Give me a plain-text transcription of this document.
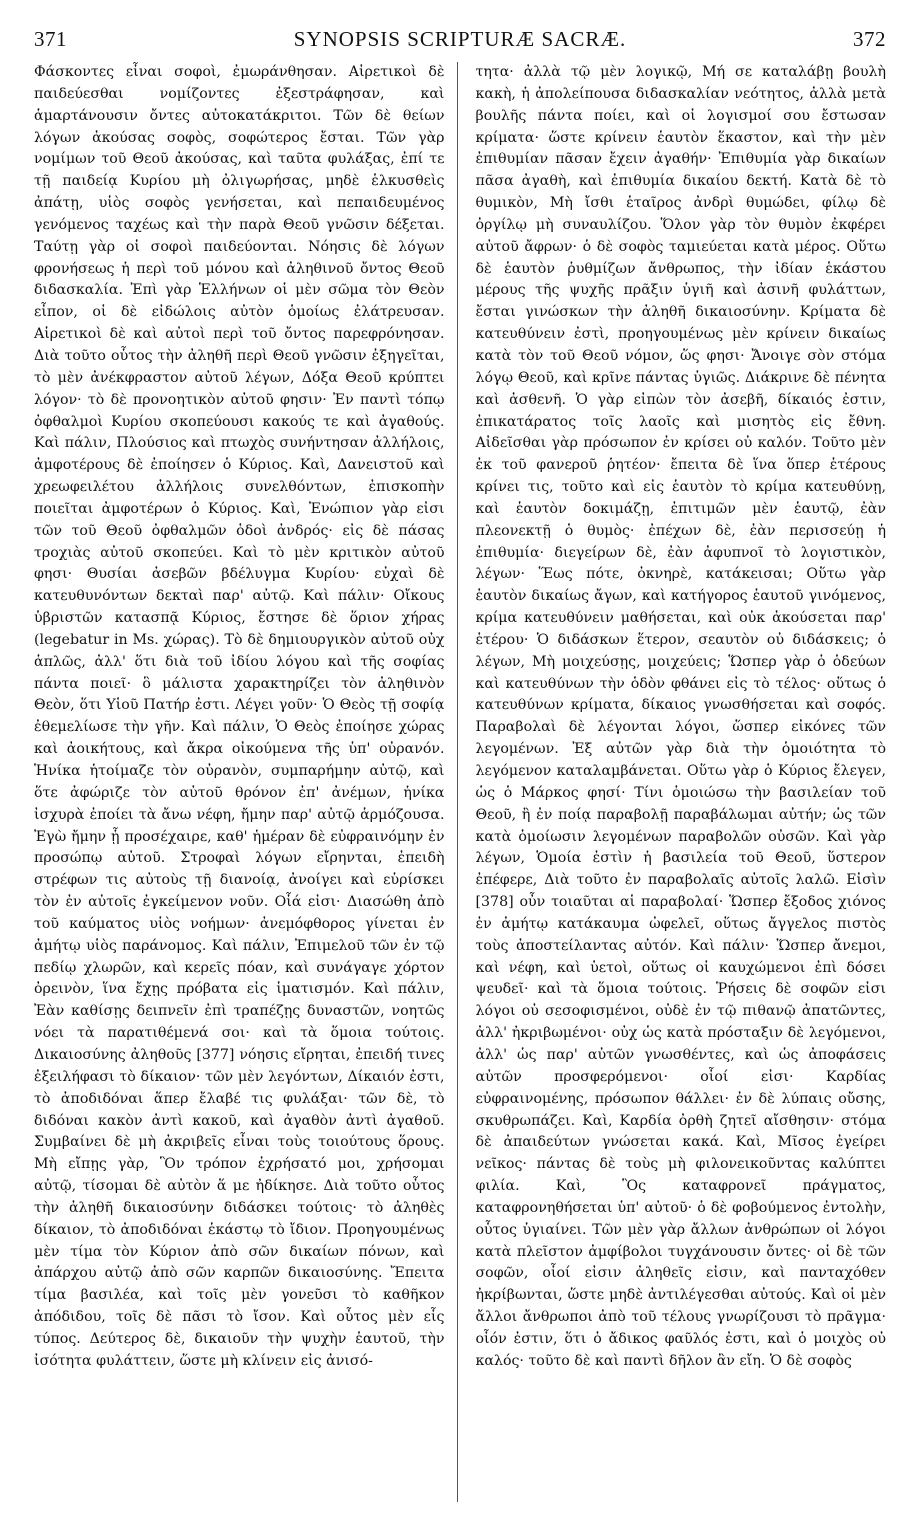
371	SYNOPSIS SCRIPTURÆ SACRÆ.	372

Φάσκοντες εἶναι σοφοὶ, ἐμωράνθησαν. Αἱρετικοὶ δὲ παιδεύεσθαι νομίζοντες ἐξεστράφησαν, καὶ ἁμαρτάνουσιν ὄντες αὐτοκατάκριτοι. Τῶν δὲ θείων λόγων ἀκούσας σοφὸς, σοφώτερος ἔσται. Τῶν γὰρ νομίμων τοῦ Θεοῦ ἀκούσας, καὶ ταῦτα φυλάξας, ἐπί τε τῇ παιδείᾳ Κυρίου μὴ ὀλιγωρήσας, μηδὲ ἑλκυσθεὶς ἀπάτῃ, υἱὸς σοφὸς γενήσεται, καὶ πεπαιδευμένος γενόμενος ταχέως καὶ τὴν παρὰ Θεοῦ γνῶσιν δέξεται. Ταύτῃ γὰρ οἱ σοφοὶ παιδεύονται. Νόησις δὲ λόγων φρονήσεως ἡ περὶ τοῦ μόνου καὶ ἀληθινοῦ ὄντος Θεοῦ διδασκαλία. Ἐπὶ γὰρ Ἑλλήνων οἱ μὲν σῶμα τὸν Θεὸν εἶπον, οἱ δὲ εἰδώλοις αὐτὸν ὁμοίως ἐλάτρευσαν. Αἱρετικοὶ δὲ καὶ αὐτοὶ περὶ τοῦ ὄντος παρεφρόνησαν. Διὰ τοῦτο οὗτος τὴν ἀληθῆ περὶ Θεοῦ γνῶσιν ἐξηγεῖται, τὸ μὲν ἀνέκφραστον αὐτοῦ λέγων, Δόξα Θεοῦ κρύπτει λόγον· τὸ δὲ προνοητικὸν αὐτοῦ φησιν· Ἐν παντὶ τόπῳ ὀφθαλμοὶ Κυρίου σκοπεύουσι κακούς τε καὶ ἀγαθούς. Καὶ πάλιν, Πλούσιος καὶ πτωχὸς συνήντησαν ἀλλήλοις, ἀμφοτέρους δὲ ἐποίησεν ὁ Κύριος. Καὶ, Δανειστοῦ καὶ χρεωφειλέτου ἀλλήλοις συνελθόντων, ἐπισκοπὴν ποιεῖται ἀμφοτέρων ὁ Κύριος. Καὶ, Ἐνώπιον γὰρ εἰσι τῶν τοῦ Θεοῦ ὀφθαλμῶν ὁδοὶ ἀνδρός· εἰς δὲ πάσας τροχιὰς αὐτοῦ σκοπεύει. Καὶ τὸ μὲν κριτικὸν αὐτοῦ φησι· Θυσίαι ἀσεβῶν βδέλυγμα Κυρίου· εὐχαὶ δὲ κατευθυνόντων δεκταὶ παρ' αὐτῷ. Καὶ πάλιν· Οἴκους ὑβριστῶν κατασπᾷ Κύριος, ἔστησε δὲ ὅριον χήρας (legebatur in Ms. χώρας). Τὸ δὲ δημιουργικὸν αὐτοῦ οὐχ ἁπλῶς, ἀλλ' ὅτι διὰ τοῦ ἰδίου λόγου καὶ τῆς σοφίας πάντα ποιεῖ· ὃ μάλιστα χαρακτηρίζει τὸν ἀληθινὸν Θεὸν, ὅτι Υἱοῦ Πατήρ ἐστι. Λέγει γοῦν· Ὁ Θεὸς τῇ σοφίᾳ ἐθεμελίωσε τὴν γῆν. Καὶ πάλιν, Ὁ Θεὸς ἐποίησε χώρας καὶ ἀοικήτους, καὶ ἄκρα οἰκούμενα τῆς ὑπ' οὐρανόν. Ἡνίκα ἡτοίμαζε τὸν οὐρανὸν, συμπαρήμην αὐτῷ, καὶ ὅτε ἀφώριζε τὸν αὐτοῦ θρόνον ἐπ' ἀνέμων, ἡνίκα ἰσχυρὰ ἐποίει τὰ ἄνω νέφη, ἤμην παρ' αὐτῷ ἁρμόζουσα. Ἐγὼ ἤμην ᾗ προσέχαιρε, καθ' ἡμέραν δὲ εὐφραινόμην ἐν προσώπῳ αὐτοῦ. Στροφαὶ λόγων εἴρηνται, ἐπειδὴ στρέφων τις αὐτοὺς τῇ διανοίᾳ, ἀνοίγει καὶ εὑρίσκει τὸν ἐν αὐτοῖς ἐγκείμενον νοῦν. Οἷά εἰσι· Διασώθη ἀπὸ τοῦ καύματος υἱὸς νοήμων· ἀνεμόφθορος γίνεται ἐν ἀμήτῳ υἱὸς παράνομος. Καὶ πάλιν, Ἐπιμελοῦ τῶν ἐν τῷ πεδίῳ χλωρῶν, καὶ κερεῖς πόαν, καὶ συνάγαγε χόρτον ὀρεινὸν, ἵνα ἔχῃς πρόβατα εἰς ἱματισμόν. Καὶ πάλιν, Ἐὰν καθίσῃς δειπνεῖν ἐπὶ τραπέζῃς δυναστῶν, νοητῶς νόει τὰ παρατιθέμενά σοι· καὶ τὰ ὅμοια τούτοις. Δικαιοσύνης ἀληθοῦς [377] νόησις εἴρηται, ἐπειδή τινες ἐξειλήφασι τὸ δίκαιον· τῶν μὲν λεγόντων, Δίκαιόν ἐστι, τὸ ἀποδιδόναι ἅπερ ἔλαβέ τις φυλάξαι· τῶν δὲ, τὸ διδόναι κακὸν ἀντὶ κακοῦ, καὶ ἀγαθὸν ἀντὶ ἀγαθοῦ. Συμβαίνει δὲ μὴ ἀκριβεῖς εἶναι τοὺς τοιούτους ὅρους. Μὴ εἴπῃς γὰρ, Ὃν τρόπον ἐχρήσατό μοι, χρήσομαι αὐτῷ, τίσομαι δὲ αὐτὸν ἅ με ἠδίκησε. Διὰ τοῦτο οὗτος τὴν ἀληθῆ δικαιοσύνην διδάσκει τούτοις· τὸ ἀληθὲς δίκαιον, τὸ ἀποδιδόναι ἑκάστῳ τὸ ἴδιον. Προηγουμένως μὲν τίμα τὸν Κύριον ἀπὸ σῶν δικαίων πόνων, καὶ ἀπάρχου αὐτῷ ἀπὸ σῶν καρπῶν δικαιοσύνης. Ἔπειτα τίμα βασιλέα, καὶ τοῖς μὲν γονεῦσι τὸ καθῆκον ἀπόδιδου, τοῖς δὲ πᾶσι τὸ ἴσον. Καὶ οὗτος μὲν εἷς τύπος. Δεύτερος δὲ, δικαιοῦν τὴν ψυχὴν ἑαυτοῦ, τὴν ἰσότητα φυλάττειν, ὥστε μὴ κλίνειν εἰς ἀνισό-

τητα· ἀλλὰ τῷ μὲν λογικῷ, Μή σε καταλάβῃ βουλὴ κακὴ, ἡ ἀπολείπουσα διδασκαλίαν νεότητος, ἀλλὰ μετὰ βουλῆς πάντα ποίει, καὶ οἱ λογισμοί σου ἔστωσαν κρίματα· ὥστε κρίνειν ἑαυτὸν ἕκαστον, καὶ τὴν μὲν ἐπιθυμίαν πᾶσαν ἔχειν ἀγαθήν· Ἐπιθυμία γὰρ δικαίων πᾶσα ἀγαθὴ, καὶ ἐπιθυμία δικαίου δεκτή. Κατὰ δὲ τὸ θυμικὸν, Μὴ ἴσθι ἑταῖρος ἀνδρὶ θυμώδει, φίλῳ δὲ ὀργίλῳ μὴ συναυλίζου. Ὅλον γὰρ τὸν θυμὸν ἐκφέρει αὐτοῦ ἄφρων· ὁ δὲ σοφὸς ταμιεύεται κατὰ μέρος. Οὕτω δὲ ἑαυτὸν ῥυθμίζων ἄνθρωπος, τὴν ἰδίαν ἑκάστου μέρους τῆς ψυχῆς πρᾶξιν ὑγιῆ καὶ ἀσινῆ φυλάττων, ἔσται γινώσκων τὴν ἀληθῆ δικαιοσύνην. Κρίματα δὲ κατευθύνειν ἐστὶ, προηγουμένως μὲν κρίνειν δικαίως κατὰ τὸν τοῦ Θεοῦ νόμον, ὥς φησι· Ἄνοιγε σὸν στόμα λόγῳ Θεοῦ, καὶ κρῖνε πάντας ὑγιῶς. Διάκρινε δὲ πένητα καὶ ἀσθενῆ. Ὁ γὰρ εἰπὼν τὸν ἀσεβῆ, δίκαιός ἐστιν, ἐπικατάρατος τοῖς λαοῖς καὶ μισητὸς εἰς ἔθνη. Αἰδεῖσθαι γὰρ πρόσωπον ἐν κρίσει οὐ καλόν. Τοῦτο μὲν ἐκ τοῦ φανεροῦ ῥητέον· ἔπειτα δὲ ἵνα ὅπερ ἑτέρους κρίνει τις, τοῦτο καὶ εἰς ἑαυτὸν τὸ κρίμα κατευθύνῃ, καὶ ἑαυτὸν δοκιμάζῃ, ἐπιτιμῶν μὲν ἑαυτῷ, ἐὰν πλεονεκτῇ ὁ θυμὸς· ἐπέχων δὲ, ἐὰν περισσεύῃ ἡ ἐπιθυμία· διεγείρων δὲ, ἐὰν ἀφυπνοῖ τὸ λογιστικὸν, λέγων· Ἕως πότε, ὀκνηρὲ, κατάκεισαι; Οὕτω γὰρ ἑαυτὸν δικαίως ἄγων, καὶ κατήγορος ἑαυτοῦ γινόμενος, κρίμα κατευθύνειν μαθήσεται, καὶ οὐκ ἀκούσεται παρ' ἑτέρου· Ὁ διδάσκων ἕτερον, σεαυτὸν οὐ διδάσκεις; ὁ λέγων, Μὴ μοιχεύσῃς, μοιχεύεις; Ὥσπερ γὰρ ὁ ὁδεύων καὶ κατευθύνων τὴν ὁδὸν φθάνει εἰς τὸ τέλος· οὕτως ὁ κατευθύνων κρίματα, δίκαιος γνωσθήσεται καὶ σοφός. Παραβολαὶ δὲ λέγονται λόγοι, ὥσπερ εἰκόνες τῶν λεγομένων. Ἐξ αὐτῶν γὰρ διὰ τὴν ὁμοιότητα τὸ λεγόμενον καταλαμβάνεται. Οὕτω γὰρ ὁ Κύριος ἔλεγεν, ὡς ὁ Μάρκος φησί· Τίνι ὁμοιώσω τὴν βασιλείαν τοῦ Θεοῦ, ἢ ἐν ποίᾳ παραβολῇ παραβάλωμαι αὐτήν; ὡς τῶν κατὰ ὁμοίωσιν λεγομένων παραβολῶν οὐσῶν. Καὶ γὰρ λέγων, Ὁμοία ἐστὶν ἡ βασιλεία τοῦ Θεοῦ, ὕστερον ἐπέφερε, Διὰ τοῦτο ἐν παραβολαῖς αὐτοῖς λαλῶ. Εἰσὶν [378] οὖν τοιαῦται αἱ παραβολαί· Ὥσπερ ἔξοδος χιόνος ἐν ἀμήτῳ κατάκαυμα ὠφελεῖ, οὕτως ἄγγελος πιστὸς τοὺς ἀποστείλαντας αὐτόν. Καὶ πάλιν· Ὥσπερ ἄνεμοι, καὶ νέφη, καὶ ὑετοὶ, οὕτως οἱ καυχώμενοι ἐπὶ δόσει ψευδεῖ· καὶ τὰ ὅμοια τούτοις. Ῥήσεις δὲ σοφῶν εἰσι λόγοι οὐ σεσοφισμένοι, οὐδὲ ἐν τῷ πιθανῷ ἀπατῶντες, ἀλλ' ἠκριβωμένοι· οὐχ ὡς κατὰ πρόσταξιν δὲ λεγόμενοι, ἀλλ' ὡς παρ' αὐτῶν γνωσθέντες, καὶ ὡς ἀποφάσεις αὐτῶν προσφερόμενοι· οἷοί εἰσι· Καρδίας εὐφραινομένης, πρόσωπον θάλλει· ἐν δὲ λύπαις οὔσης, σκυθρωπάζει. Καὶ, Καρδία ὀρθὴ ζητεῖ αἴσθησιν· στόμα δὲ ἀπαιδεύτων γνώσεται κακά. Καὶ, Μῖσος ἐγείρει νεῖκος· πάντας δὲ τοὺς μὴ φιλονεικοῦντας καλύπτει φιλία. Καὶ, Ὃς καταφρονεῖ πράγματος, καταφρονηθήσεται ὑπ' αὐτοῦ· ὁ δὲ φοβούμενος ἐντολὴν, οὗτος ὑγιαίνει. Τῶν μὲν γὰρ ἄλλων ἀνθρώπων οἱ λόγοι κατὰ πλεῖστον ἀμφίβολοι τυγχάνουσιν ὄντες· οἱ δὲ τῶν σοφῶν, οἷοί εἰσιν ἀληθεῖς εἰσιν, καὶ πανταχόθεν ἠκρίβωνται, ὥστε μηδὲ ἀντιλέγεσθαι αὐτούς. Καὶ οἱ μὲν ἄλλοι ἄνθρωποι ἀπὸ τοῦ τέλους γνωρίζουσι τὸ πρᾶγμα· οἷόν ἐστιν, ὅτι ὁ ἄδικος φαῦλός ἐστι, καὶ ὁ μοιχὸς οὐ καλός· τοῦτο δὲ καὶ παντὶ δῆλον ἂν εἴη. Ὁ δὲ σοφὸς
